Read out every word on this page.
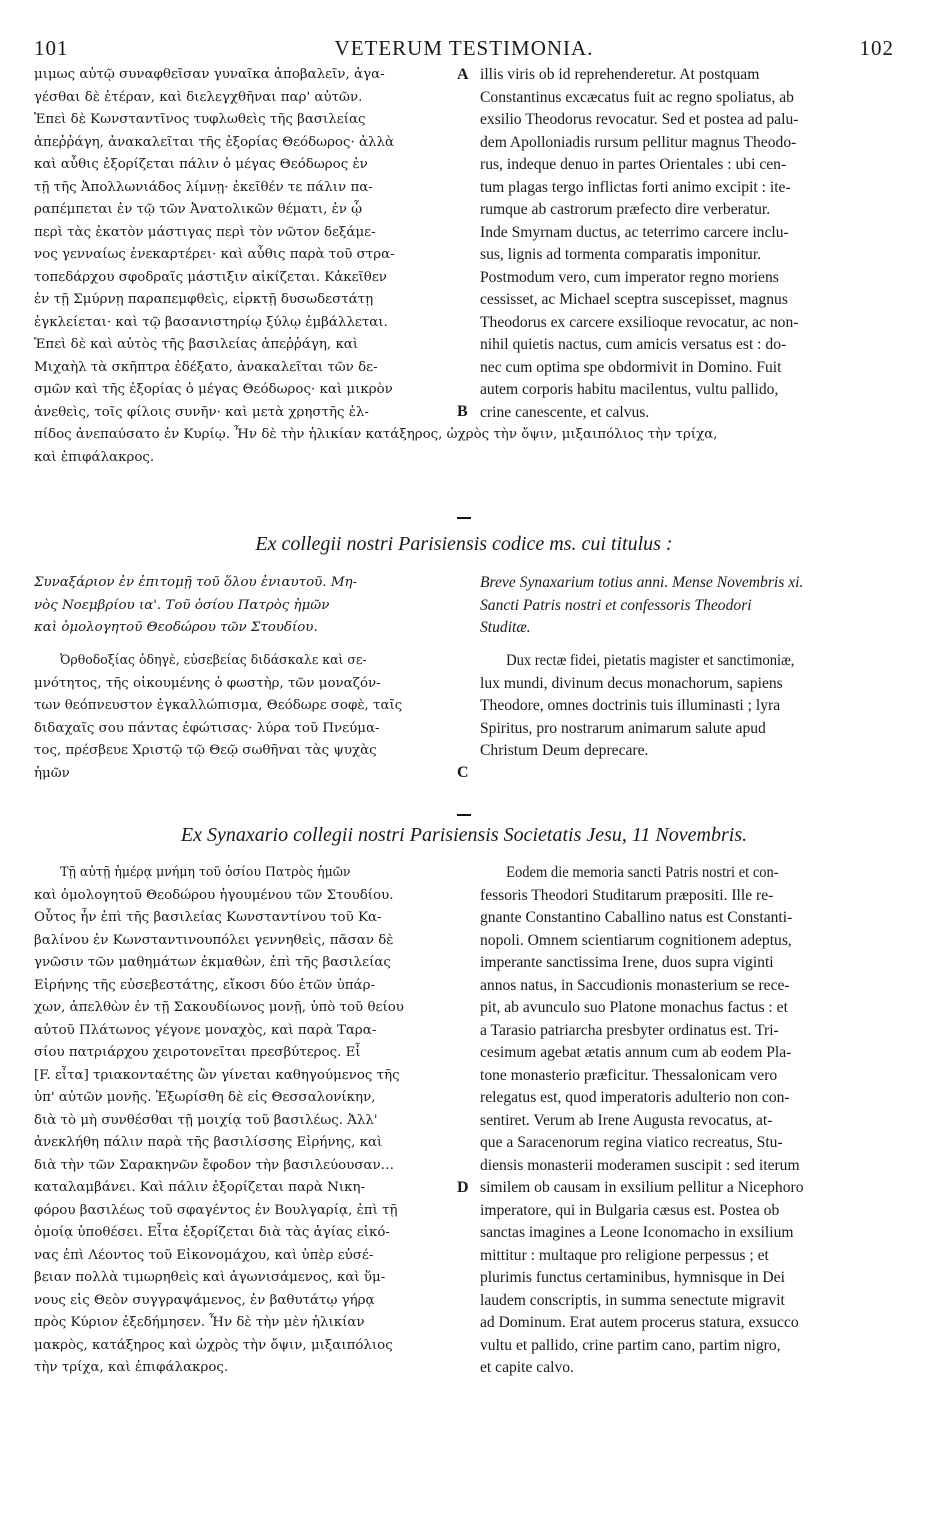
101	VETERUM TESTIMONIA.	102
μιμως αὐτῷ συναφθεῖσαν γυναῖκα ἀποβαλεῖν, ἀγα-
γέσθαι δὲ ἑτέραν, καὶ διελεγχθῆναι παρ' αὐτῶν.
Ἐπεὶ δὲ Κωνσταντῖνος τυφλωθεὶς τῆς βασιλείας
ἀπεῤῥάγη, ἀνακαλεῖται τῆς ἐξορίας Θεόδωρος· ἀλλὰ
καὶ αὖθις ἐξορίζεται πάλιν ὁ μέγας Θεόδωρος ἐν
τῇ τῆς Ἀπολλωνιάδος λίμνῃ· ἐκεῖθέν τε πάλιν πα-
ραπέμπεται ἐν τῷ τῶν Ἀνατολικῶν θέματι, ἐν ᾧ
περὶ τὰς ἑκατὸν μάστιγας περὶ τὸν νῶτον δεξάμε-
νος γενναίως ἐνεκαρτέρει· καὶ αὖθις παρὰ τοῦ στρα-
τοπεδάρχου σφοδραῖς μάστιξιν αἰκίζεται. Κἀκεῖθεν
ἐν τῇ Σμύρνῃ παραπεμφθεὶς, εἱρκτῇ δυσωδεστάτῃ
ἐγκλείεται· καὶ τῷ βασανιστηρίῳ ξύλῳ ἐμβάλλεται.
Ἐπεὶ δὲ καὶ αὐτὸς τῆς βασιλείας ἀπεῤῥάγη, καὶ
Μιχαὴλ τὰ σκῆπτρα ἐδέξατο, ἀνακαλεῖται τῶν δε-
σμῶν καὶ τῆς ἐξορίας ὁ μέγας Θεόδωρος· καὶ μικρὸν
ἀνεθεὶς, τοῖς φίλοις συνῆν· καὶ μετὰ χρηστῆς ἐλ-
illis viris ob id reprehenderetur. At postquam
Constantinus excæcatus fuit ac regno spoliatus, ab
exsilio Theodorus revocatur. Sed et postea ad palu-
dem Apolloniadis rursum pellitur magnus Theodo-
rus, indeque denuo in partes Orientales : ubi cen-
tum plagas tergo inflictas forti animo excipit : ite-
rumque ab castrorum præfecto dire verberatur.
Inde Smyrnam ductus, ac teterrimo carcere inclu-
sus, lignis ad tormenta comparatis imponitur.
Postmodum vero, cum imperator regno moriens
cessisset, ac Michael sceptra suscepisset, magnus
Theodorus ex carcere exsilioque revocatur, ac non-
nihil quietis nactus, cum amicis versatus est : do-
nec cum optima spe obdormivit in Domino. Fuit
autem corporis habitu macilentus, vultu pallido,
crine canescente, et calvus.
A
B
πίδος ἀνεπαύσατο ἐν Κυρίῳ. Ἦν δὲ τὴν ἡλικίαν κατάξηρος, ὠχρὸς τὴν ὄψιν, μιξαιπόλιος τὴν τρίχα,
καὶ ἐπιφάλακρος.
Ex collegii nostri Parisiensis codice ms. cui titulus :
Συναξάριον ἐν ἐπιτομῇ τοῦ ὅλου ἐνιαυτοῦ. Μη-
νὸς Νοεμβρίου ια'. Τοῦ ὁσίου Πατρὸς ἡμῶν
καὶ ὁμολογητοῦ Θεοδώρου τῶν Στουδίου.
Breve Synaxarium totius anni. Mense Novembris xi.
Sancti Patris nostri et confessoris Theodori
Studitæ.
Ὀρθοδοξίας ὁδηγὲ, εὐσεβείας διδάσκαλε καὶ σε-
μνότητος, τῆς οἰκουμένης ὁ φωστὴρ, τῶν μοναζόν-
των θεόπνευστον ἐγκαλλώπισμα, Θεόδωρε σοφὲ, ταῖς
διδαχαῖς σου πάντας ἐφώτισας· λύρα τοῦ Πνεύμα-
τος, πρέσβευε Χριστῷ τῷ Θεῷ σωθῆναι τὰς ψυχὰς
ἡμῶν
Dux rectæ fidei, pietatis magister et sanctimoniæ,
lux mundi, divinum decus monachorum, sapiens
Theodore, omnes doctrinis tuis illuminasti ; lyra
Spiritus, pro nostrarum animarum salute apud
Christum Deum deprecare.
C
Ex Synaxario collegii nostri Parisiensis Societatis Jesu, 11 Novembris.
Τῇ αὐτῇ ἡμέρᾳ μνήμη τοῦ ὁσίου Πατρὸς ἡμῶν
καὶ ὁμολογητοῦ Θεοδώρου ἡγουμένου τῶν Στουδίου.
Οὗτος ἦν ἐπὶ τῆς βασιλείας Κωνσταντίνου τοῦ Κα-
βαλίνου ἐν Κωνσταντινουπόλει γεννηθεὶς, πᾶσαν δὲ
γνῶσιν τῶν μαθημάτων ἐκμαθὼν, ἐπὶ τῆς βασιλείας
Εἰρήνης τῆς εὐσεβεστάτης, εἴκοσι δύο ἐτῶν ὑπάρ-
χων, ἀπελθὼν ἐν τῇ Σακουδίωνος μονῇ, ὑπὸ τοῦ θείου
αὐτοῦ Πλάτωνος γέγονε μοναχὸς, καὶ παρὰ Ταρα-
σίου πατριάρχου χειροτονεῖται πρεσβύτερος. Εἶ
[F. εἶτα] τριακονταέτης ὢν γίνεται καθηγούμενος τῆς
ὑπ' αὐτῶν μονῆς. Ἐξωρίσθη δὲ εἰς Θεσσαλονίκην,
διὰ τὸ μὴ συνθέσθαι τῇ μοιχίᾳ τοῦ βασιλέως. Ἀλλ'
ἀνεκλήθη πάλιν παρὰ τῆς βασιλίσσης Εἰρήνης, καὶ
διὰ τὴν τῶν Σαρακηνῶν ἔφοδον τὴν βασιλεύουσαν…
καταλαμβάνει. Καὶ πάλιν ἐξορίζεται παρὰ Νικη-
φόρου βασιλέως τοῦ σφαγέντος ἐν Βουλγαρίᾳ, ἐπὶ τῇ
ὁμοίᾳ ὑποθέσει. Εἶτα ἐξορίζεται διὰ τὰς ἁγίας εἰκό-
νας ἐπὶ Λέοντος τοῦ Εἰκονομάχου, καὶ ὑπὲρ εὐσέ-
βειαν πολλὰ τιμωρηθεὶς καὶ ἀγωνισάμενος, καὶ ὕμ-
νους εἰς Θεὸν συγγραψάμενος, ἐν βαθυτάτῳ γήρᾳ
πρὸς Κύριον ἐξεδήμησεν. Ἦν δὲ τὴν μὲν ἡλικίαν
μακρὸς, κατάξηρος καὶ ὠχρὸς τὴν ὄψιν, μιξαιπόλιος
τὴν τρίχα, καὶ ἐπιφάλακρος.
Eodem die memoria sancti Patris nostri et con-
fessoris Theodori Studitarum præpositi. Ille re-
gnante Constantino Caballino natus est Constanti-
nopoli. Omnem scientiarum cognitionem adeptus,
imperante sanctissima Irene, duos supra viginti
annos natus, in Saccudionis monasterium se rece-
pit, ab avunculo suo Platone monachus factus : et
a Tarasio patriarcha presbyter ordinatus est. Tri-
cesimum agebat ætatis annum cum ab eodem Pla-
tone monasterio præficitur. Thessalonicam vero
relegatus est, quod imperatoris adulterio non con-
sentiret. Verum ab Irene Augusta revocatus, at-
que a Saracenorum regina viatico recreatus, Stu-
diensis monasterii moderamen suscipit : sed iterum
similem ob causam in exsilium pellitur a Nicephoro
imperatore, qui in Bulgaria cæsus est. Postea ob
sanctas imagines a Leone Iconomacho in exsilium
mittitur : multaque pro religione perpessus ; et
plurimis functus certaminibus, hymnisque in Dei
laudem conscriptis, in summa senectute migravit
ad Dominum. Erat autem procerus statura, exsucco
vultu et pallido, crine partim cano, partim nigro,
et capite calvo.
D
